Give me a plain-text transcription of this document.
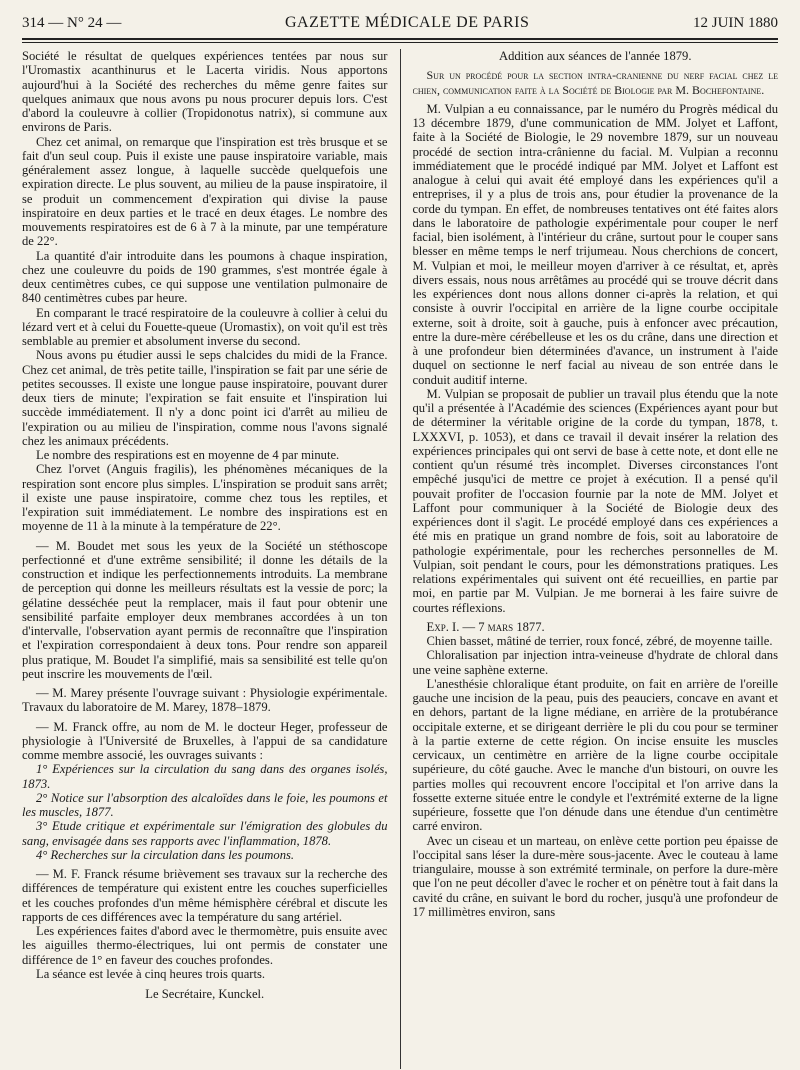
314 — N° 24 —	GAZETTE MÉDICALE DE PARIS	12 JUIN 1880

Société le résultat de quelques expériences tentées par nous sur l'Uromastix acanthinurus et le Lacerta viridis. Nous apportons aujourd'hui à la Société des recherches du même genre faites sur quelques animaux que nous avons pu nous procurer depuis lors. C'est d'abord la couleuvre à collier (Tropidonotus natrix), si commune aux environs de Paris.

Chez cet animal, on remarque que l'inspiration est très brusque et se fait d'un seul coup. Puis il existe une pause inspiratoire variable, mais généralement assez longue, à laquelle succède quelquefois une expiration directe. Le plus souvent, au milieu de la pause inspiratoire, il se produit un commencement d'expiration qui divise la pause inspiratoire en deux parties et le tracé en deux étages. Le nombre des mouvements respiratoires est de 6 à 7 à la minute, par une température de 22°.

La quantité d'air introduite dans les poumons à chaque inspiration, chez une couleuvre du poids de 190 grammes, s'est montrée égale à deux centimètres cubes, ce qui suppose une ventilation pulmonaire de 840 centimètres cubes par heure.

En comparant le tracé respiratoire de la couleuvre à collier à celui du lézard vert et à celui du Fouette-queue (Uromastix), on voit qu'il est très semblable au premier et absolument inverse du second.

Nous avons pu étudier aussi le seps chalcides du midi de la France. Chez cet animal, de très petite taille, l'inspiration se fait par une série de petites secousses. Il existe une longue pause inspiratoire, pouvant durer deux tiers de minute; l'expiration se fait ensuite et l'inspiration lui succède immédiatement. Il n'y a donc point ici d'arrêt au milieu de l'expiration ou au milieu de l'inspiration, comme nous l'avons signalé chez les animaux précédents.

Le nombre des respirations est en moyenne de 4 par minute.

Chez l'orvet (Anguis fragilis), les phénomènes mécaniques de la respiration sont encore plus simples. L'inspiration se produit sans arrêt; il existe une pause inspiratoire, comme chez tous les reptiles, et l'expiration suit immédiatement. Le nombre des inspirations est en moyenne de 11 à la minute à la température de 22°.

— M. Boudet met sous les yeux de la Société un stéthoscope perfectionné et d'une extrême sensibilité; il donne les détails de la construction et indique les perfectionnements introduits. La membrane de perception qui donne les meilleurs résultats est la vessie de porc; la gélatine desséchée peut la remplacer, mais il faut pour obtenir une sensibilité parfaite employer deux membranes accordées à un ton d'intervalle, l'observation ayant permis de reconnaître que l'inspiration et l'expiration correspondaient à deux tons. Pour rendre son appareil plus pratique, M. Boudet l'a simplifié, mais sa sensibilité est telle qu'on peut inscrire les mouvements de l'œil.

— M. Marey présente l'ouvrage suivant : Physiologie expérimentale. Travaux du laboratoire de M. Marey, 1878–1879.

— M. Franck offre, au nom de M. le docteur Heger, professeur de physiologie à l'Université de Bruxelles, à l'appui de sa candidature comme membre associé, les ouvrages suivants :

1° Expériences sur la circulation du sang dans des organes isolés, 1873.

2° Notice sur l'absorption des alcaloïdes dans le foie, les poumons et les muscles, 1877.

3° Etude critique et expérimentale sur l'émigration des globules du sang, envisagée dans ses rapports avec l'inflammation, 1878.

4° Recherches sur la circulation dans les poumons.

— M. F. Franck résume brièvement ses travaux sur la recherche des différences de température qui existent entre les couches superficielles et les couches profondes d'un même hémisphère cérébral et discute les rapports de ces différences avec la température du sang artériel.

Les expériences faites d'abord avec le thermomètre, puis ensuite avec les aiguilles thermo-électriques, lui ont permis de constater une différence de 1° en faveur des couches profondes.

La séance est levée à cinq heures trois quarts.

Le Secrétaire, Kunckel.

Addition aux séances de l'année 1879.

Sur un procédé pour la section intra-cranienne du nerf facial chez le chien, communication faite à la Société de Biologie par M. Bochefontaine.

M. Vulpian a eu connaissance, par le numéro du Progrès médical du 13 décembre 1879, d'une communication de MM. Jolyet et Laffont, faite à la Société de Biologie, le 29 novembre 1879, sur un nouveau procédé de section intra-crânienne du facial. M. Vulpian a reconnu immédiatement que le procédé indiqué par MM. Jolyet et Laffont est analogue à celui qui avait été employé dans les expériences qu'il a entreprises, il y a plus de trois ans, pour étudier la provenance de la corde du tympan. En effet, de nombreuses tentatives ont été faites alors dans le laboratoire de pathologie expérimentale pour couper le nerf facial, bien isolément, à l'intérieur du crâne, surtout pour le couper sans blesser en même temps le nerf trijumeau. Nous cherchions de concert, M. Vulpian et moi, le meilleur moyen d'arriver à ce résultat, et, après divers essais, nous nous arrêtâmes au procédé qui se trouve décrit dans les expériences dont nous allons donner ci-après la relation, et qui consiste à ouvrir l'occipital en arrière de la ligne courbe occipitale externe, soit à droite, soit à gauche, puis à enfoncer avec précaution, entre la dure-mère cérébelleuse et les os du crâne, dans une direction et à une profondeur bien déterminées d'avance, un instrument à l'aide duquel on sectionne le nerf facial au niveau de son entrée dans le conduit auditif interne.

M. Vulpian se proposait de publier un travail plus étendu que la note qu'il a présentée à l'Académie des sciences (Expériences ayant pour but de déterminer la véritable origine de la corde du tympan, 1878, t. LXXXVI, p. 1053), et dans ce travail il devait insérer la relation des expériences principales qui ont servi de base à cette note, et dont elle ne contient qu'un résumé très incomplet. Diverses circonstances l'ont empêché jusqu'ici de mettre ce projet à exécution. Il a pensé qu'il pouvait profiter de l'occasion fournie par la note de MM. Jolyet et Laffont pour communiquer à la Société de Biologie deux des expériences dont il s'agit. Le procédé employé dans ces expériences a été mis en pratique un grand nombre de fois, soit au laboratoire de pathologie expérimentale, pour les recherches personnelles de M. Vulpian, soit pendant le cours, pour les démonstrations pratiques. Les relations expérimentales qui suivent ont été recueillies, en partie par moi, en partie par M. Vulpian. Je me bornerai à les faire suivre de courtes réflexions.

Exp. I. — 7 mars 1877.

Chien basset, mâtiné de terrier, roux foncé, zébré, de moyenne taille.

Chloralisation par injection intra-veineuse d'hydrate de chloral dans une veine saphène externe.

L'anesthésie chloralique étant produite, on fait en arrière de l'oreille gauche une incision de la peau, puis des peauciers, concave en avant et en dehors, partant de la ligne médiane, en arrière de la protubérance occipitale externe, et se dirigeant derrière le pli du cou pour se terminer à la partie externe de cette région. On incise ensuite les muscles cervicaux, un centimètre en arrière de la ligne courbe occipitale supérieure, du côté gauche. Avec le manche d'un bistouri, on ouvre les parties molles qui recouvrent encore l'occipital et l'on arrive dans la fossette externe située entre le condyle et l'extrémité externe de la ligne supérieure, fossette que l'on dénude dans une étendue d'un centimètre carré environ.

Avec un ciseau et un marteau, on enlève cette portion peu épaisse de l'occipital sans léser la dure-mère sous-jacente. Avec le couteau à lame triangulaire, mousse à son extrémité terminale, on perfore la dure-mère que l'on ne peut décoller d'avec le rocher et on pénètre tout à fait dans la cavité du crâne, en suivant le bord du rocher, jusqu'à une profondeur de 17 millimètres environ, sans
